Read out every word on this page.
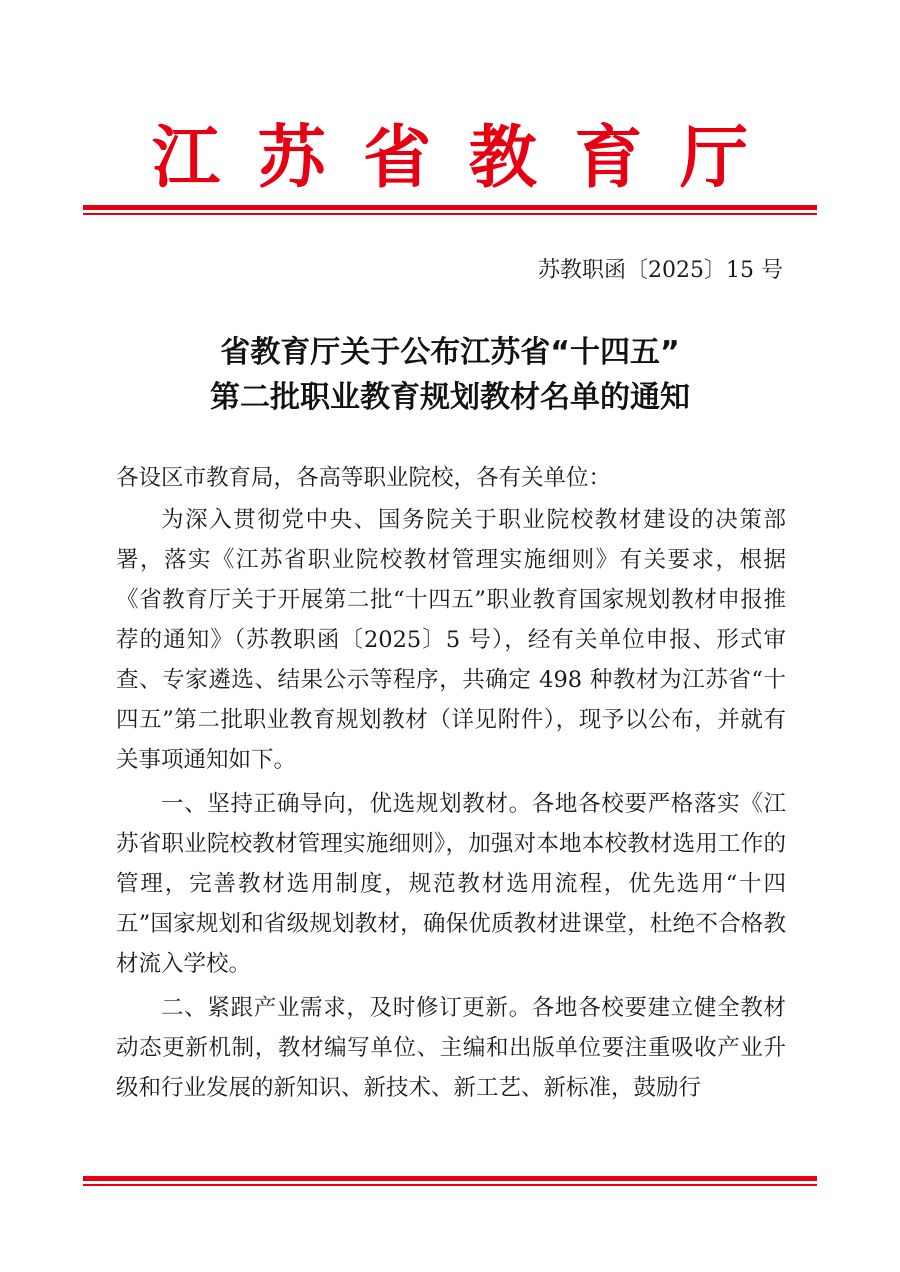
江 苏 省 教 育 厅
苏教职函〔2025〕15 号
省教育厅关于公布江苏省“十四五”
第二批职业教育规划教材名单的通知

各设区市教育局，各高等职业院校，各有关单位：

为深入贯彻党中央、国务院关于职业院校教材建设的决策部署，落实《江苏省职业院校教材管理实施细则》有关要求，根据《省教育厅关于开展第二批“十四五”职业教育国家规划教材申报推荐的通知》（苏教职函〔2025〕5 号），经有关单位申报、形式审查、专家遴选、结果公示等程序，共确定 498 种教材为江苏省“十四五”第二批职业教育规划教材（详见附件），现予以公布，并就有关事项通知如下。

一、坚持正确导向，优选规划教材。各地各校要严格落实《江苏省职业院校教材管理实施细则》，加强对本地本校教材选用工作的管理，完善教材选用制度，规范教材选用流程，优先选用“十四五”国家规划和省级规划教材，确保优质教材进课堂，杜绝不合格教材流入学校。

二、紧跟产业需求，及时修订更新。各地各校要建立健全教材动态更新机制，教材编写单位、主编和出版单位要注重吸收产业升级和行业发展的新知识、新技术、新工艺、新标准，鼓励行
